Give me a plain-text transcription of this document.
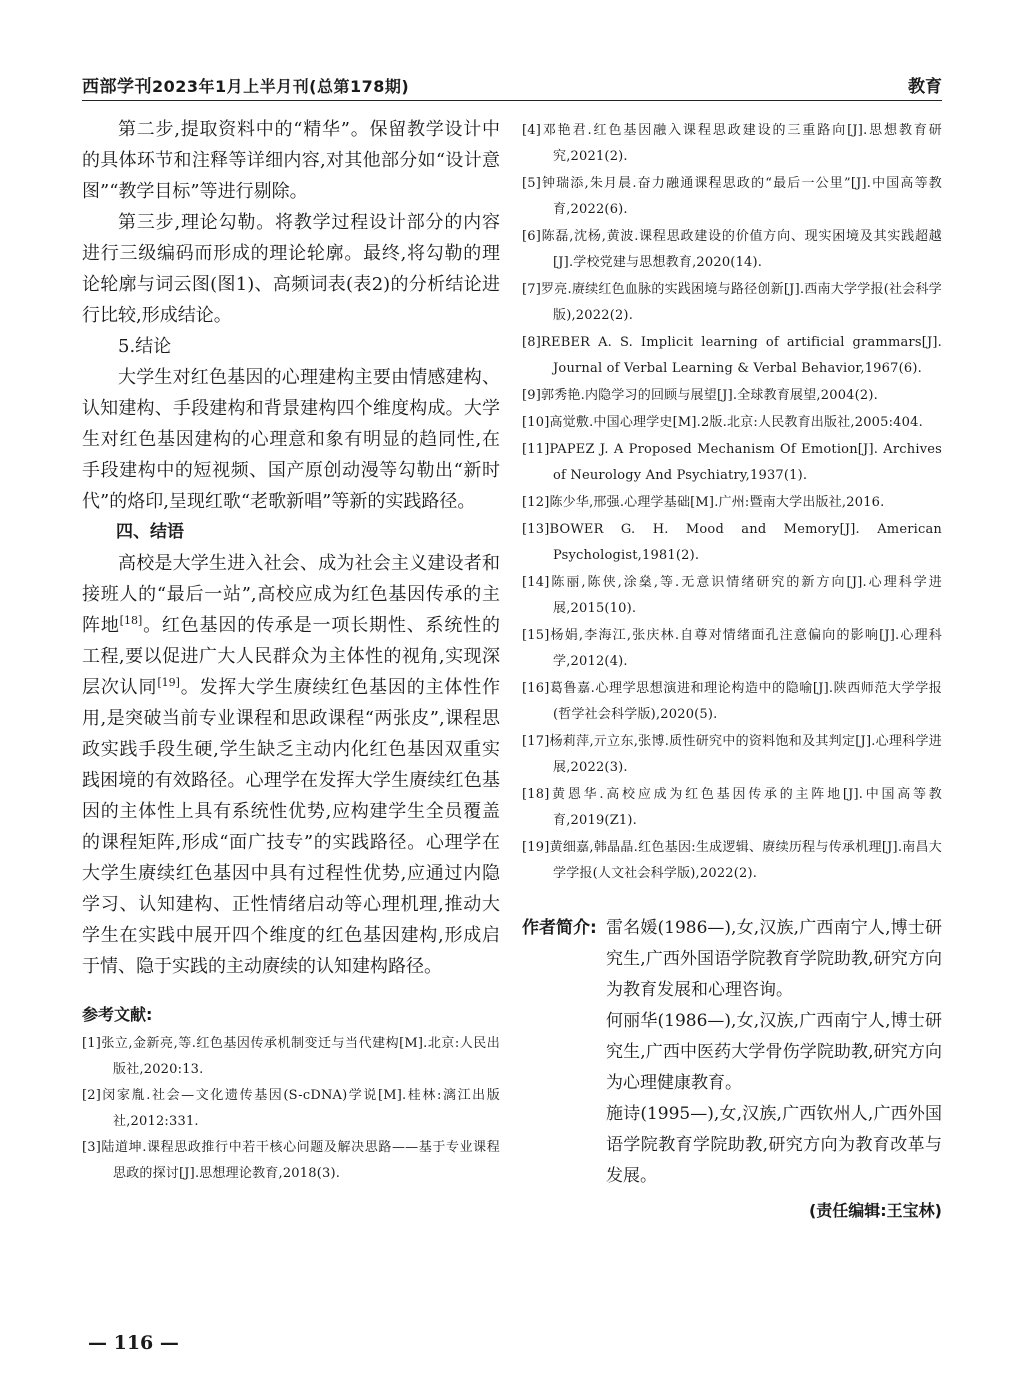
西部学刊2023年1月上半月刊(总第178期)	教育

第二步,提取资料中的“精华”。保留教学设计中的具体环节和注释等详细内容,对其他部分如“设计意图”“教学目标”等进行剔除。

第三步,理论勾勒。将教学过程设计部分的内容进行三级编码而形成的理论轮廓。最终,将勾勒的理论轮廓与词云图(图1)、高频词表(表2)的分析结论进行比较,形成结论。

5.结论

大学生对红色基因的心理建构主要由情感建构、认知建构、手段建构和背景建构四个维度构成。大学生对红色基因建构的心理意和象有明显的趋同性,在手段建构中的短视频、国产原创动漫等勾勒出“新时代”的烙印,呈现红歌“老歌新唱”等新的实践路径。

四、结语

高校是大学生进入社会、成为社会主义建设者和接班人的“最后一站”,高校应成为红色基因传承的主阵地[18]。红色基因的传承是一项长期性、系统性的工程,要以促进广大人民群众为主体性的视角,实现深层次认同[19]。发挥大学生赓续红色基因的主体性作用,是突破当前专业课程和思政课程“两张皮”,课程思政实践手段生硬,学生缺乏主动内化红色基因双重实践困境的有效路径。心理学在发挥大学生赓续红色基因的主体性上具有系统性优势,应构建学生全员覆盖的课程矩阵,形成“面广技专”的实践路径。心理学在大学生赓续红色基因中具有过程性优势,应通过内隐学习、认知建构、正性情绪启动等心理机理,推动大学生在实践中展开四个维度的红色基因建构,形成启于情、隐于实践的主动赓续的认知建构路径。

参考文献:

[1]张立,金新亮,等.红色基因传承机制变迁与当代建构[M].北京:人民出版社,2020:13.

[2]闵家胤.社会—文化遗传基因(S-cDNA)学说[M].桂林:漓江出版社,2012:331.

[3]陆道坤.课程思政推行中若干核心问题及解决思路——基于专业课程思政的探讨[J].思想理论教育,2018(3).

[4]邓艳君.红色基因融入课程思政建设的三重路向[J].思想教育研究,2021(2).

[5]钟瑞添,朱月晨.奋力融通课程思政的“最后一公里”[J].中国高等教育,2022(6).

[6]陈磊,沈杨,黄波.课程思政建设的价值方向、现实困境及其实践超越[J].学校党建与思想教育,2020(14).

[7]罗亮.赓续红色血脉的实践困境与路径创新[J].西南大学学报(社会科学版),2022(2).

[8]REBER A. S. Implicit learning of artificial grammars[J]. Journal of Verbal Learning & Verbal Behavior,1967(6).

[9]郭秀艳.内隐学习的回顾与展望[J].全球教育展望,2004(2).

[10]高觉敷.中国心理学史[M].2版.北京:人民教育出版社,2005:404.

[11]PAPEZ J. A Proposed Mechanism Of Emotion[J]. Archives of Neurology And Psychiatry,1937(1).

[12]陈少华,邢强.心理学基础[M].广州:暨南大学出版社,2016.

[13]BOWER G. H. Mood and Memory[J]. American Psychologist,1981(2).

[14]陈丽,陈侠,涂燊,等.无意识情绪研究的新方向[J].心理科学进展,2015(10).

[15]杨娟,李海江,张庆林.自尊对情绪面孔注意偏向的影响[J].心理科学,2012(4).

[16]葛鲁嘉.心理学思想演进和理论构造中的隐喻[J].陕西师范大学学报(哲学社会科学版),2020(5).

[17]杨莉萍,亓立东,张博.质性研究中的资料饱和及其判定[J].心理科学进展,2022(3).

[18]黄恩华.高校应成为红色基因传承的主阵地[J].中国高等教育,2019(Z1).

[19]黄细嘉,韩晶晶.红色基因:生成逻辑、赓续历程与传承机理[J].南昌大学学报(人文社会科学版),2022(2).

作者简介: 雷名媛(1986—),女,汉族,广西南宁人,博士研究生,广西外国语学院教育学院助教,研究方向为教育发展和心理咨询。

何丽华(1986—),女,汉族,广西南宁人,博士研究生,广西中医药大学骨伤学院助教,研究方向为心理健康教育。

施诗(1995—),女,汉族,广西钦州人,广西外国语学院教育学院助教,研究方向为教育改革与发展。

(责任编辑:王宝林)
— 116 —
